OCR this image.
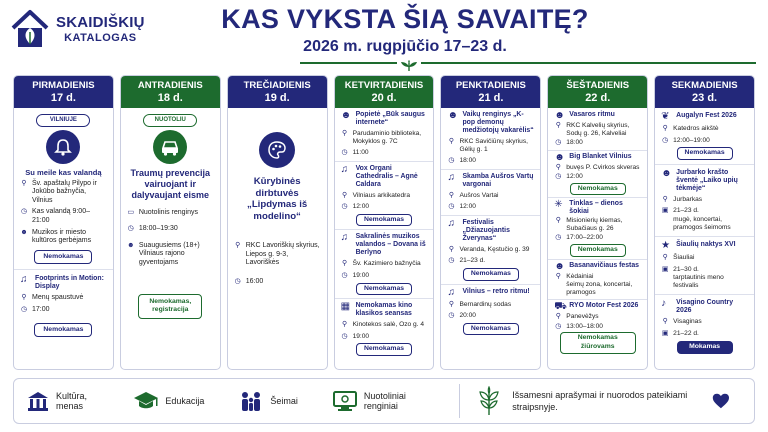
SKAIDIŠKIŲ
KATALOGAS
KAS VYKSTA ŠIĄ SAVAITĘ?
2026 m. rugpjūčio 17–23 d.
PIRMADIENIS
17 d.
VILNIUJE
Su meile kas valandą
⚲ Šv. apaštalų Pilypo ir Jokūbo bažnyčia, Vilnius
◷ Kas valandą 9:00–21:00
☻ Muzikos ir miesto kultūros gerbėjams
Nemokamas
♫	Footprints in Motion: Display
⚲ Menų spaustuvė
◷ 17:00
Nemokamas
ANTRADIENIS
18 d.
NUOTOLIU
Traumų prevencija vairuojant ir dalyvaujant eisme
▭ Nuotolinis renginys
◷ 18:00–19:30
☻ Suaugusiems (18+) Vilniaus rajono gyventojams
Nemokamas, registracija
TREČIADIENIS
19 d.
Kūrybinės dirbtuvės „Lipdymas iš modelino“
⚲ RKC Lavoriškių skyrius, Liepos g. 9-3, Lavoriškės
◷ 16:00
KETVIRTADIENIS
20 d.
☻ Popietė „Būk saugus internete“
⚲ Parudaminio biblioteka, Mokyklos g. 7C
◷ 11:00
♫	Vox Organi Cathedralis – Agnė Caldara
⚲ Vilniaus arkikatedra
◷ 12:00
Nemokamas
♫	Sakralinės muzikos valandos – Dovana iš Berlyno
⚲ Šv. Kazimiero bažnyčia
◷ 19:00
Nemokamas
▦ Nemokamas kino klasikos seansas
⚲ Kinotekos salė, Ozo g. 4
◷ 19:00
Nemokamas
PENKTADIENIS
21 d.
☻ Vaikų renginys „K-pop demonų medžiotojų vakarėlis“
⚲ RKC Savičiūnų skyrius, Gėlių g. 1
◷ 18:00
♫	Skamba Aušros Vartų vargonai
⚲ Aušros Vartai
◷ 12:00
♫	Festivalis „Džiazuojantis Žverynas“
⚲ Veranda, Kęstučio g. 39
◷ 21–23 d.
Nemokamas
♫	Vilnius – retro ritmu!
⚲ Bernardinų sodas
◷ 20:00
Nemokamas
ŠEŠTADIENIS
22 d.
☻ Vasaros ritmu
⚲ RKC Kalvelių skyrius, Sodų g. 26, Kalveliai
◷ 18:00
☻ Big Blanket Vilnius
⚲ buvęs P. Cvirkos skveras
◷ 12:00
Nemokamas
✳ Tinklas – dienos šokiai
⚲ Misionierių kiemas, Subačiaus g. 26
◷ 17:00–22:00
Nemokamas
☻ Basanavičiaus festas
⚲ Kėdainiai
šeimų zona, koncertai, pramogos
⛟ RYO Motor Fest 2026
⚲ Panevėžys
◷ 13:00–18:00
Nemokamas žiūrovams
SEKMADIENIS
23 d.
❦ Augalyn Fest 2026
⚲ Katedros aikštė
◷ 12:00–19:00
Nemokamas
☻ Jurbarko krašto šventė „Laiko upių tėkmėje“
⚲ Jurbarkas
▣ 21–23 d.
mugė, koncertai, pramogos šeimoms
★ Šiaulių naktys XVI
⚲ Šiauliai
▣ 21–30 d.
tarptautinis meno festivalis
♪	Visagino Country 2026
⚲ Visaginas
▣ 21–22 d.
Mokamas
Kultūra, menas	Edukacija	Šeimai	Nuotoliniai renginiai
Išsamesni aprašymai ir nuorodos pateikiami straipsnyje.
